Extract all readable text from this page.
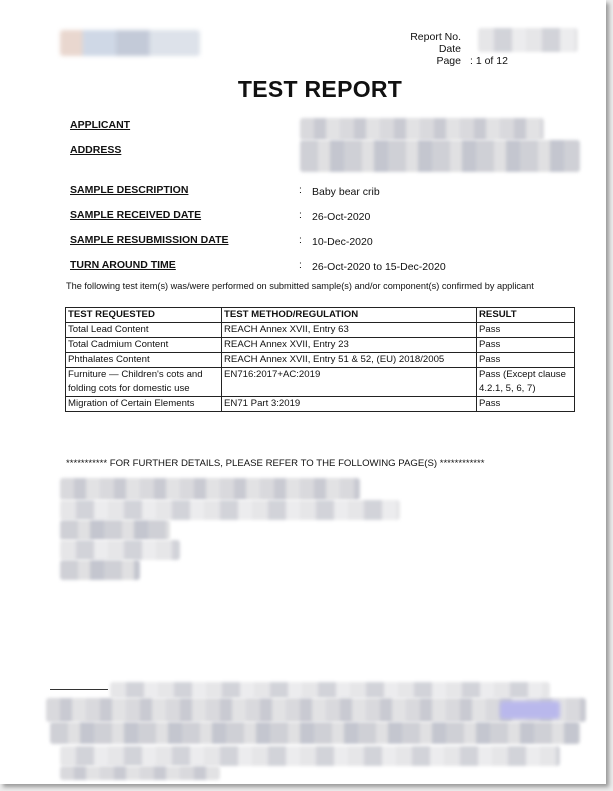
Report No.
Date
Page : 1 of 12
TEST REPORT
APPLICANT
ADDRESS
SAMPLE DESCRIPTION	: Baby bear crib
SAMPLE RECEIVED DATE	: 26-Oct-2020
SAMPLE RESUBMISSION DATE	: 10-Dec-2020
TURN AROUND TIME	: 26-Oct-2020 to 15-Dec-2020
The following test item(s) was/were performed on submitted sample(s) and/or component(s) confirmed by applicant
TEST REQUESTED	TEST METHOD/REGULATION	RESULT
Total Lead Content	REACH Annex XVII, Entry 63	Pass
Total Cadmium Content	REACH Annex XVII, Entry 23	Pass
Phthalates Content	REACH Annex XVII, Entry 51 & 52, (EU) 2018/2005	Pass
Furniture — Children's cots and folding cots for domestic use	EN716:2017+AC:2019	Pass (Except clause 4.2.1, 5, 6, 7)
Migration of Certain Elements	EN71 Part 3:2019	Pass
*********** FOR FURTHER DETAILS, PLEASE REFER TO THE FOLLOWING PAGE(S) ************
